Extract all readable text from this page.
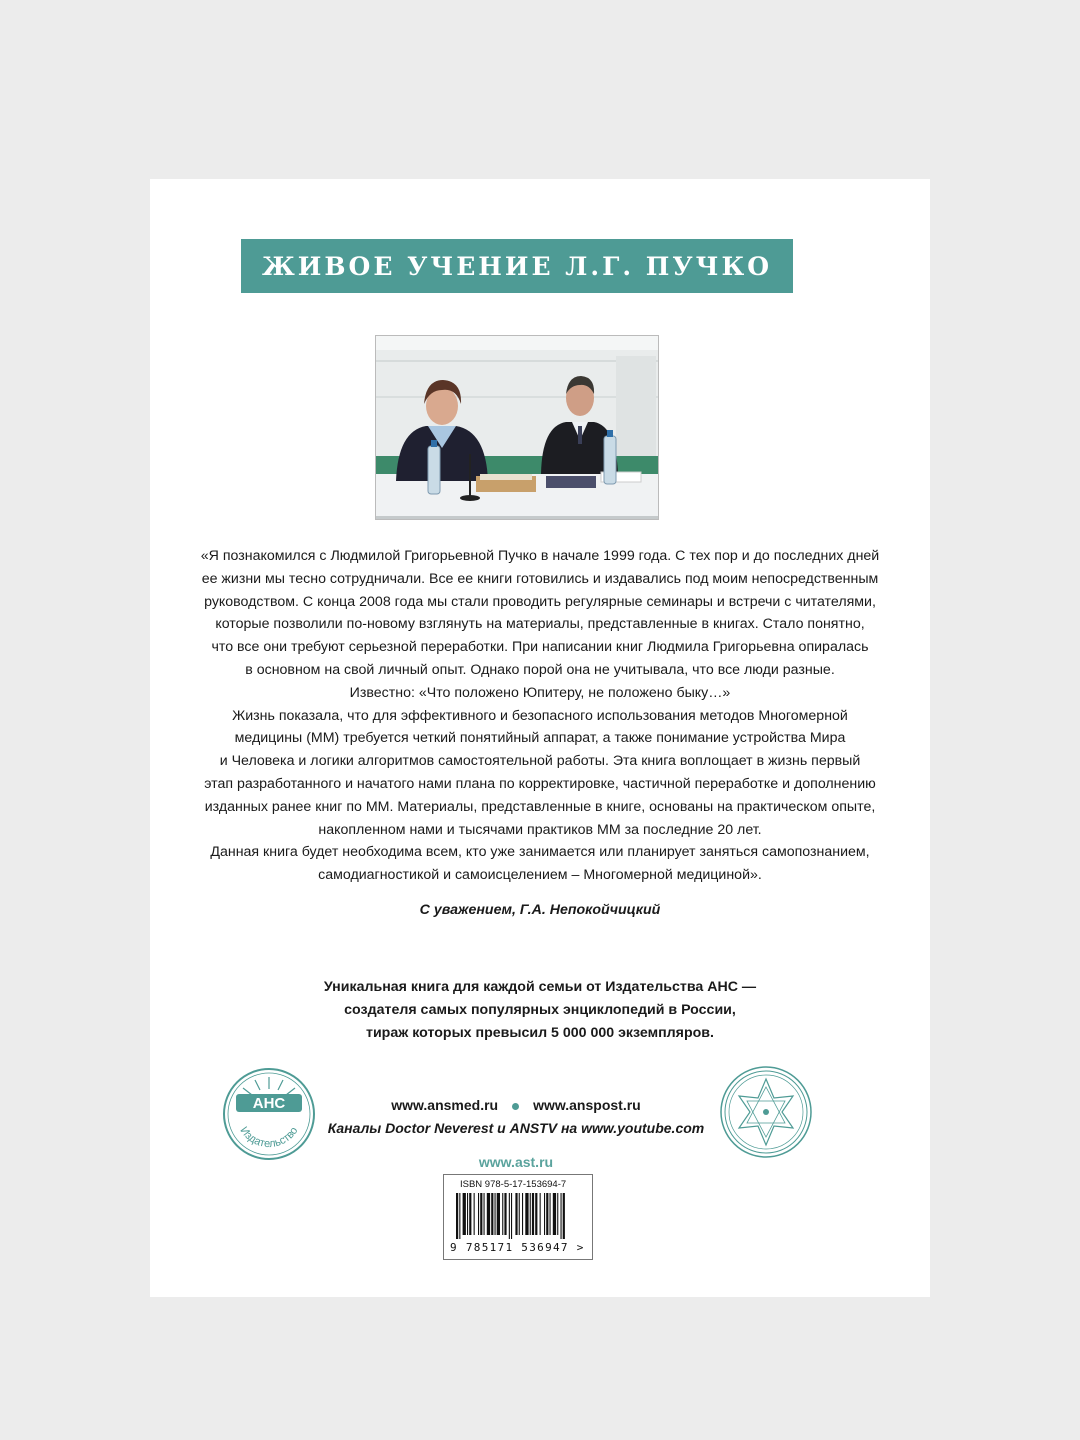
ЖИВОЕ УЧЕНИЕ Л.Г. ПУЧКО

«Я познакомился с Людмилой Григорьевной Пучко в начале 1999 года. С тех пор и до последних дней

ее жизни мы тесно сотрудничали. Все ее книги готовились и издавались под моим непосредственным

руководством. С конца 2008 года мы стали проводить регулярные семинары и встречи с читателями,

которые позволили по-новому взглянуть на материалы, представленные в книгах. Стало понятно,

что все они требуют серьезной переработки. При написании книг Людмила Григорьевна опиралась

в основном на свой личный опыт. Однако порой она не учитывала, что все люди разные.

Известно: «Что положено Юпитеру, не положено быку…»

Жизнь показала, что для эффективного и безопасного использования методов Многомерной

медицины (ММ) требуется четкий понятийный аппарат, а также понимание устройства Мира

и Человека и логики алгоритмов самостоятельной работы. Эта книга воплощает в жизнь первый

этап разработанного и начатого нами плана по корректировке, частичной переработке и дополнению

изданных ранее книг по ММ. Материалы, представленные в книге, основаны на практическом опыте,

накопленном нами и тысячами практиков ММ за последние 20 лет.

Данная книга будет необходима всем, кто уже занимается или планирует заняться самопознанием,

самодиагностикой и самоисцелением – Многомерной медициной».

С уважением, Г.А. Непокойчицкий

Уникальная книга для каждой семьи от Издательства АНС —

создателя самых популярных энциклопедий в России,

тираж которых превысил 5 000 000 экземпляров.

АНС
Издательство
www.ansmed.ru	www.anspost.ru
Каналы Doctor Neverest и ANSTV на www.youtube.com
www.ast.ru
ISBN 978-5-17-153694-7
9 785171 536947 >
